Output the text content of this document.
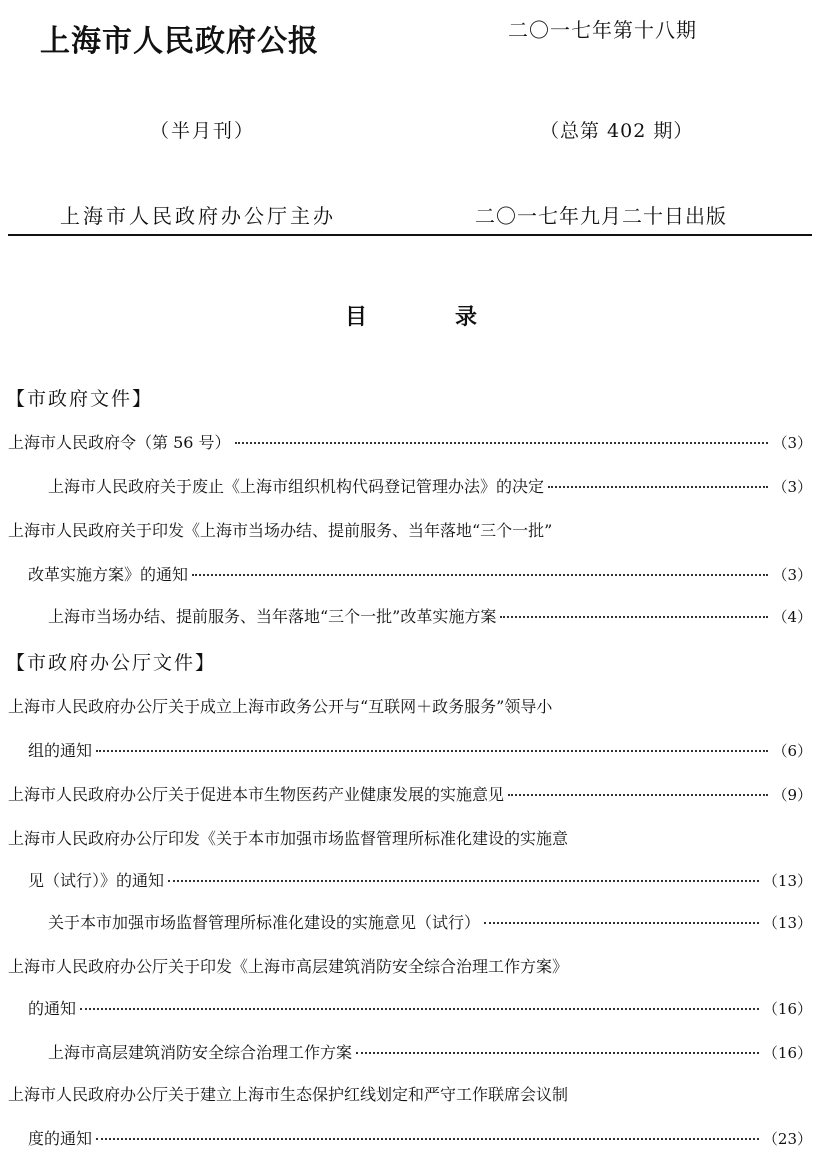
上海市人民政府公报	二〇一七年第十八期
（半月刊）	（总第 402 期）
上海市人民政府办公厅主办	二〇一七年九月二十日出版
目	录
【市政府文件】
上海市人民政府令（第 56 号）	（3）
上海市人民政府关于废止《上海市组织机构代码登记管理办法》的决定	（3）
上海市人民政府关于印发《上海市当场办结、提前服务、当年落地“三个一批”
改革实施方案》的通知	（3）
上海市当场办结、提前服务、当年落地“三个一批”改革实施方案	（4）
【市政府办公厅文件】
上海市人民政府办公厅关于成立上海市政务公开与“互联网＋政务服务”领导小
组的通知	（6）
上海市人民政府办公厅关于促进本市生物医药产业健康发展的实施意见	（9）
上海市人民政府办公厅印发《关于本市加强市场监督管理所标准化建设的实施意
见（试行）》的通知	（13）
关于本市加强市场监督管理所标准化建设的实施意见（试行）	（13）
上海市人民政府办公厅关于印发《上海市高层建筑消防安全综合治理工作方案》
的通知	（16）
上海市高层建筑消防安全综合治理工作方案	（16）
上海市人民政府办公厅关于建立上海市生态保护红线划定和严守工作联席会议制
度的通知	（23）
